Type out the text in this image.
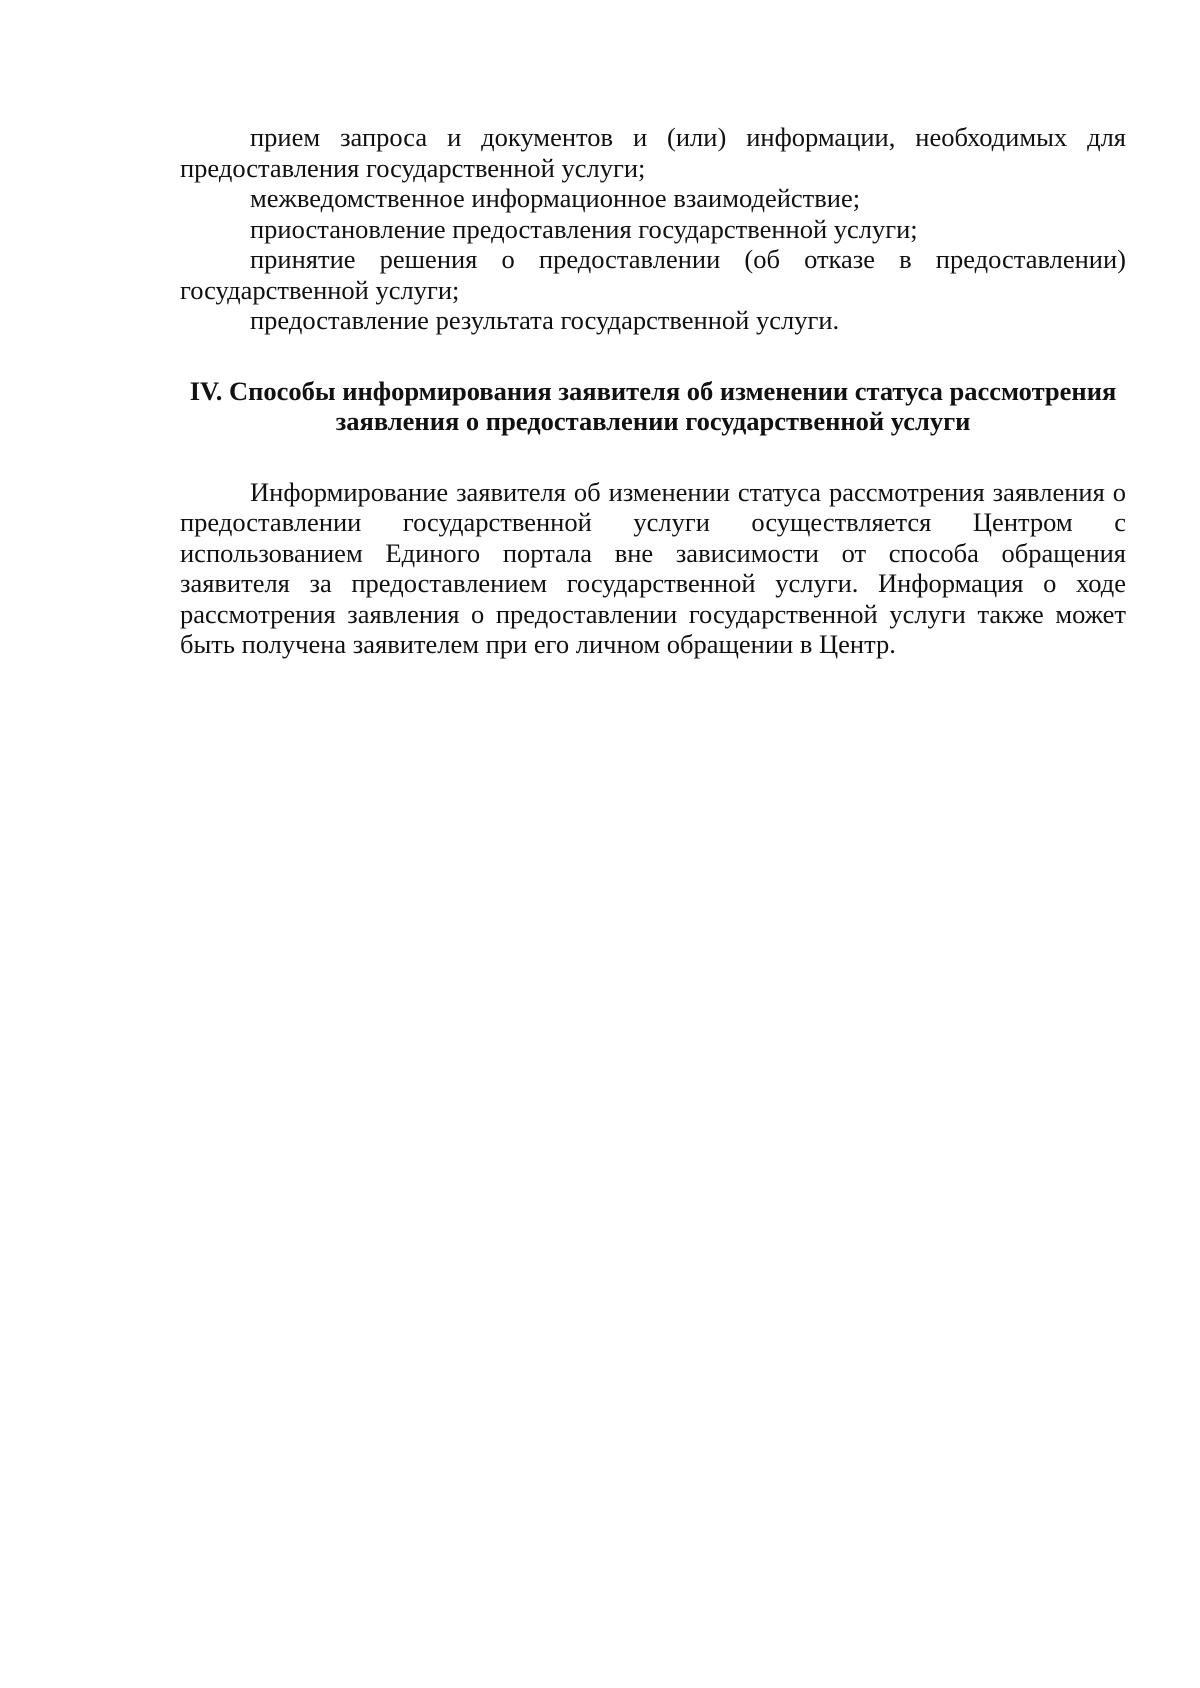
прием запроса и документов и (или) информации, необходимых для предоставления государственной услуги;

межведомственное информационное взаимодействие;

приостановление предоставления государственной услуги;

принятие решения о предоставлении (об отказе в предоставлении) государственной услуги;

предоставление результата государственной услуги.

IV. Способы информирования заявителя об изменении статуса рассмотрения
заявления о предоставлении государственной услуги

Информирование заявителя об изменении статуса рассмотрения заявления о предоставлении государственной услуги осуществляется Центром с использованием Единого портала вне зависимости от способа обращения заявителя за предоставлением государственной услуги. Информация о ходе рассмотрения заявления о предоставлении государственной услуги также может быть получена заявителем при его личном обращении в Центр.
